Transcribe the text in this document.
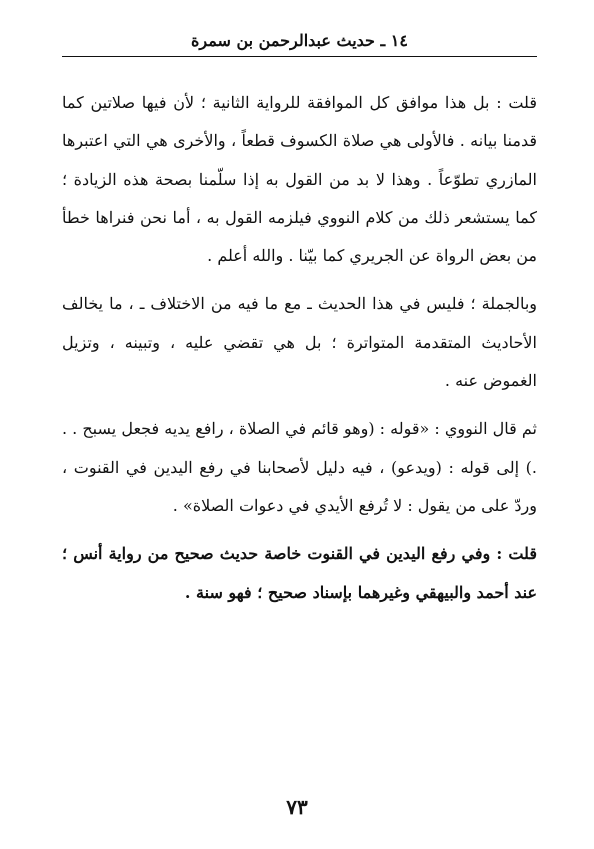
١٤ ـ حديث عبدالرحمن بن سمرة

قلت : بل هذا موافق كل الموافقة للرواية الثانية ؛ لأن فيها صلاتين كما قدمنا بيانه . فالأولى هي صلاة الكسوف قطعاً ، والأخرى هي التي اعتبرها المازري تطوّعاً . وهذا لا بد من القول به إذا سلّمنا بصحة هذه الزيادة ؛ كما يستشعر ذلك من كلام النووي فيلزمه القول به ، أما نحن فنراها خطأ من بعض الرواة عن الجريري كما بيّنا . والله أعلم .

وبالجملة ؛ فليس في هذا الحديث ـ مع ما فيه من الاختلاف ـ ، ما يخالف الأحاديث المتقدمة المتواترة ؛ بل هي تقضي عليه ، وتبينه ، وتزيل الغموض عنه .

ثم قال النووي : «قوله : (وهو قائم في الصلاة ، رافع يديه فجعل يسبح . . .) إلى قوله : (ويدعو) ، فيه دليل لأصحابنا في رفع اليدين في القنوت ، وردّ على من يقول : لا تُرفع الأيدي في دعوات الصلاة» .

قلت : وفي رفع اليدين في القنوت خاصة حديث صحيح من رواية أنس ؛ عند أحمد والبيهقي وغيرهما بإسناد صحيح ؛ فهو سنة .

٧٣
